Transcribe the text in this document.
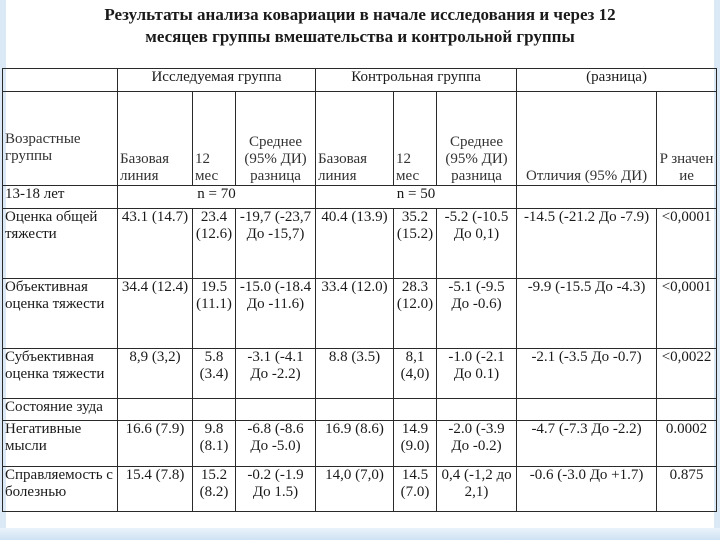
Результаты анализа ковариации в начале исследования и через 12
месяцев группы вмешательства и контрольной группы
	Исследуемая группа			Контрольная группа			(разница)	
Возрастные группы	Базовая линия	12 мес	Среднее (95% ДИ) разница	Базовая линия	12 мес	Среднее (95% ДИ) разница	Отличия (95% ДИ)	P значен ие
13-18 лет	n = 70			n = 50				
Оценка общей тяжести	43.1 (14.7)	23.4 (12.6)	-19,7 (-23,7 До -15,7)	40.4 (13.9)	35.2 (15.2)	-5.2 (-10.5 До 0,1)	-14.5 (-21.2 До -7.9)	<0,0001
Объективная оценка тяжести	34.4 (12.4)	19.5 (11.1)	-15.0 (-18.4 До -11.6)	33.4 (12.0)	28.3 (12.0)	-5.1 (-9.5 До -0.6)	-9.9 (-15.5 До -4.3)	<0,0001
Субъективная оценка тяжести	8,9 (3,2)	5.8 (3.4)	-3.1 (-4.1 До -2.2)	8.8 (3.5)	8,1 (4,0)	-1.0 (-2.1 До 0.1)	-2.1 (-3.5 До -0.7)	<0,0022
Состояние зуда								
Негативные мысли	16.6 (7.9)	9.8 (8.1)	-6.8 (-8.6 До -5.0)	16.9 (8.6)	14.9 (9.0)	-2.0 (-3.9 До -0.2)	-4.7 (-7.3 До -2.2)	0.0002
Справляемость с болезнью	15.4 (7.8)	15.2 (8.2)	-0.2 (-1.9 До 1.5)	14,0 (7,0)	14.5 (7.0)	0,4 (-1,2 до 2,1)	-0.6 (-3.0 До +1.7)	0.875
